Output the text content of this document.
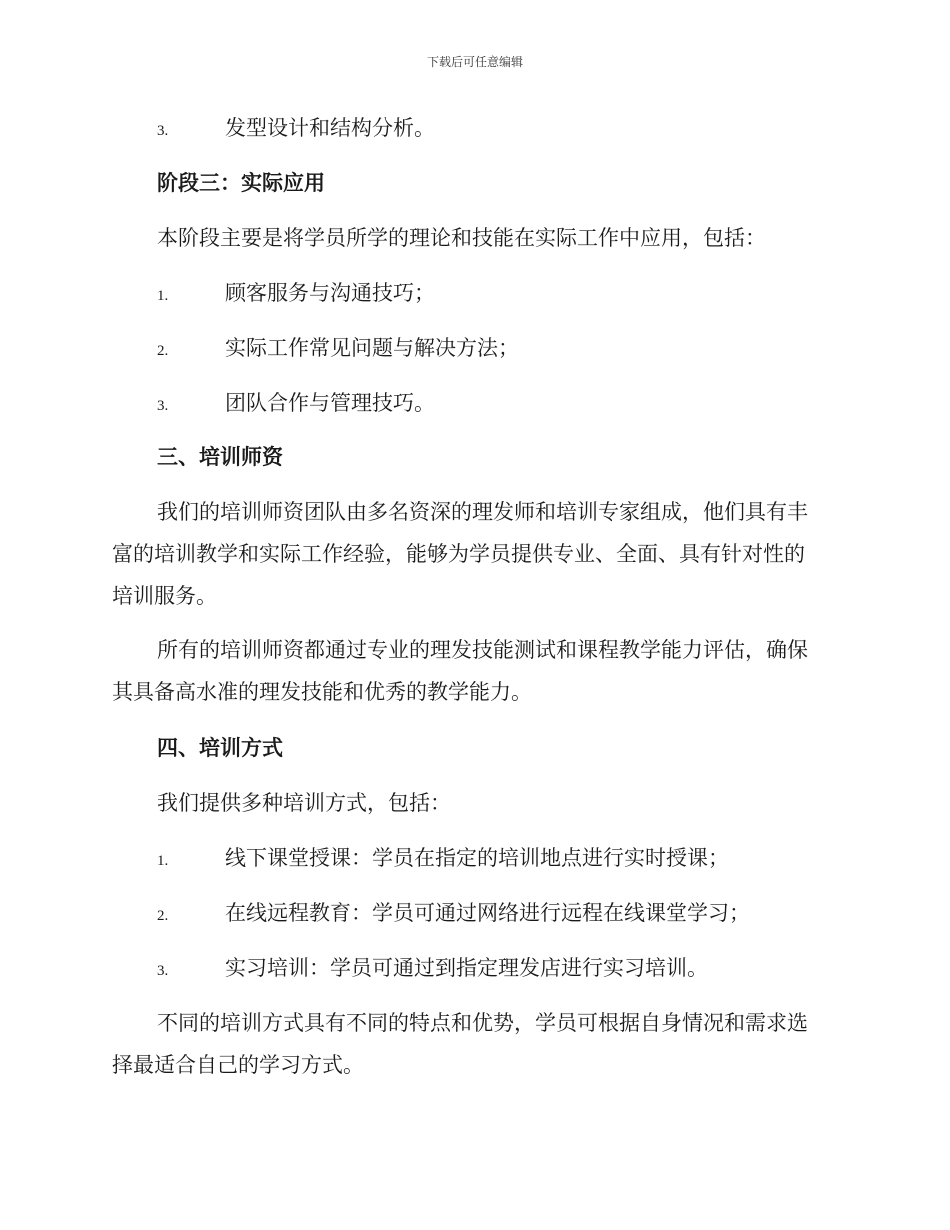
下载后可任意编辑
3.	发型设计和结构分析。
阶段三：实际应用
本阶段主要是将学员所学的理论和技能在实际工作中应用，包括：
1.	顾客服务与沟通技巧；
2.	实际工作常见问题与解决方法；
3.	团队合作与管理技巧。
三、培训师资
我们的培训师资团队由多名资深的理发师和培训专家组成，他们具有丰
富的培训教学和实际工作经验，能够为学员提供专业、全面、具有针对性的
培训服务。
所有的培训师资都通过专业的理发技能测试和课程教学能力评估，确保
其具备高水准的理发技能和优秀的教学能力。
四、培训方式
我们提供多种培训方式，包括：
1.	线下课堂授课：学员在指定的培训地点进行实时授课；
2.	在线远程教育：学员可通过网络进行远程在线课堂学习；
3.	实习培训：学员可通过到指定理发店进行实习培训。
不同的培训方式具有不同的特点和优势，学员可根据自身情况和需求选
择最适合自己的学习方式。
